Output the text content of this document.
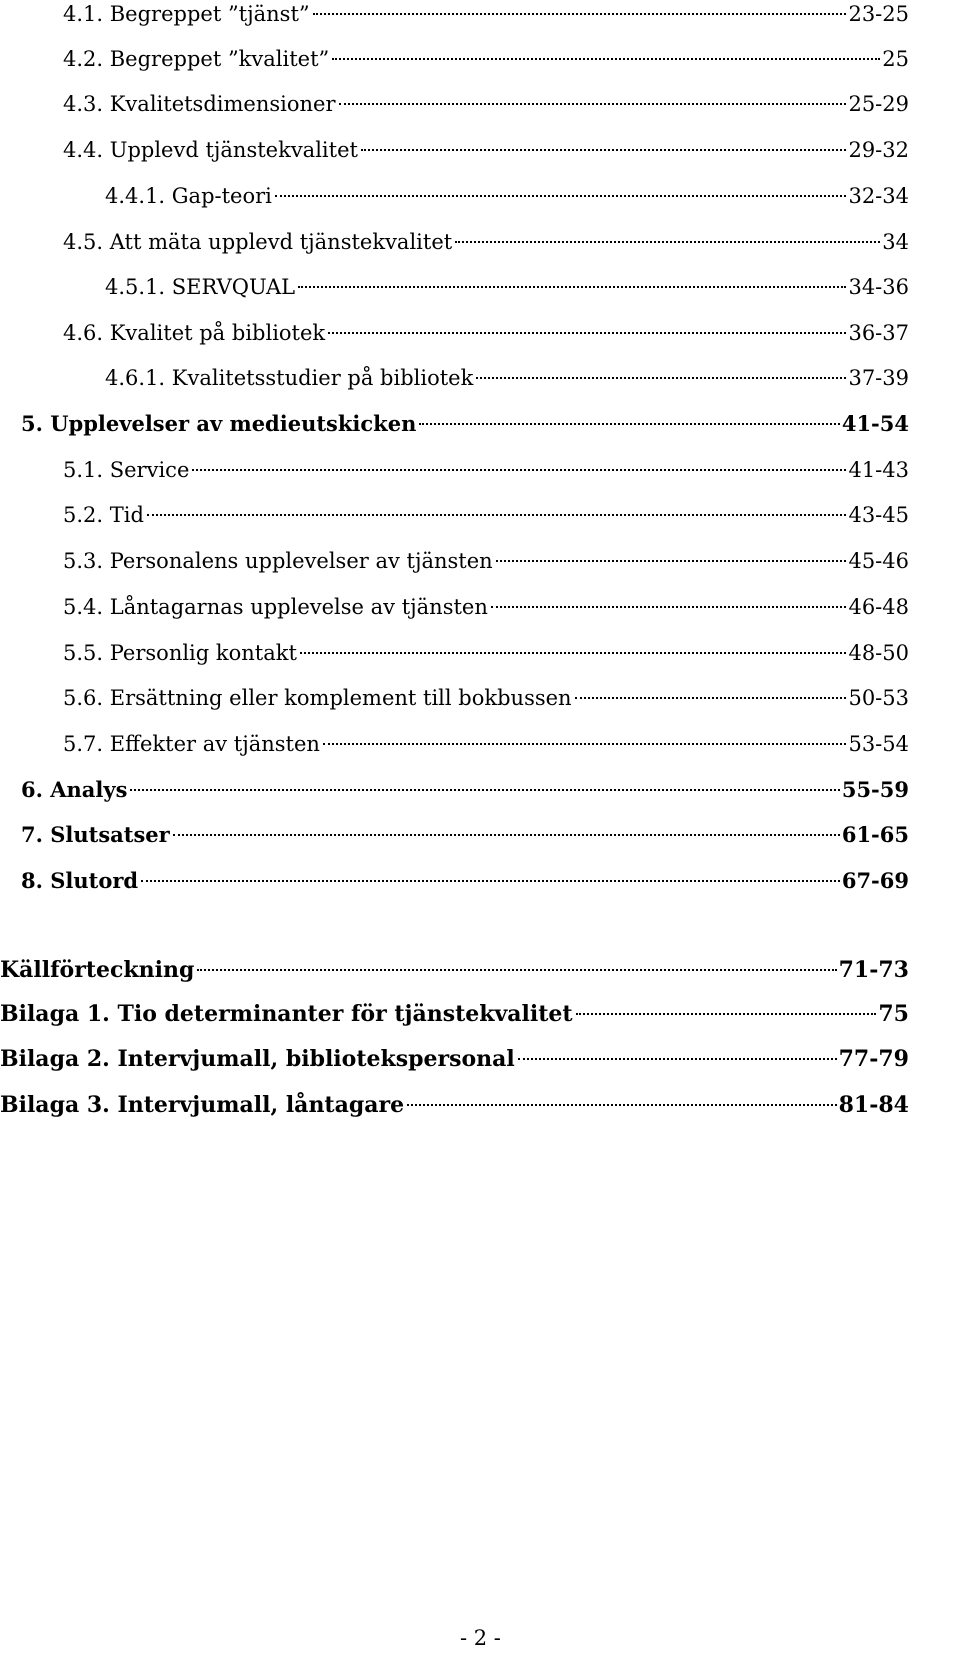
4.1. Begreppet ”tjänst”	23-25
4.2. Begreppet ”kvalitet”	25
4.3. Kvalitetsdimensioner	25-29
4.4. Upplevd tjänstekvalitet	29-32
4.4.1. Gap-teori	32-34
4.5. Att mäta upplevd tjänstekvalitet	34
4.5.1. SERVQUAL	34-36
4.6. Kvalitet på bibliotek	36-37
4.6.1. Kvalitetsstudier på bibliotek	37-39
5. Upplevelser av medieutskicken	41-54
5.1. Service	41-43
5.2. Tid	43-45
5.3. Personalens upplevelser av tjänsten	45-46
5.4. Låntagarnas upplevelse av tjänsten	46-48
5.5. Personlig kontakt	48-50
5.6. Ersättning eller komplement till bokbussen	50-53
5.7. Effekter av tjänsten	53-54
6. Analys	55-59
7. Slutsatser	61-65
8. Slutord	67-69
Källförteckning	71-73
Bilaga 1. Tio determinanter för tjänstekvalitet	75
Bilaga 2. Intervjumall, bibliotekspersonal	77-79
Bilaga 3. Intervjumall, låntagare	81-84
- 2 -
